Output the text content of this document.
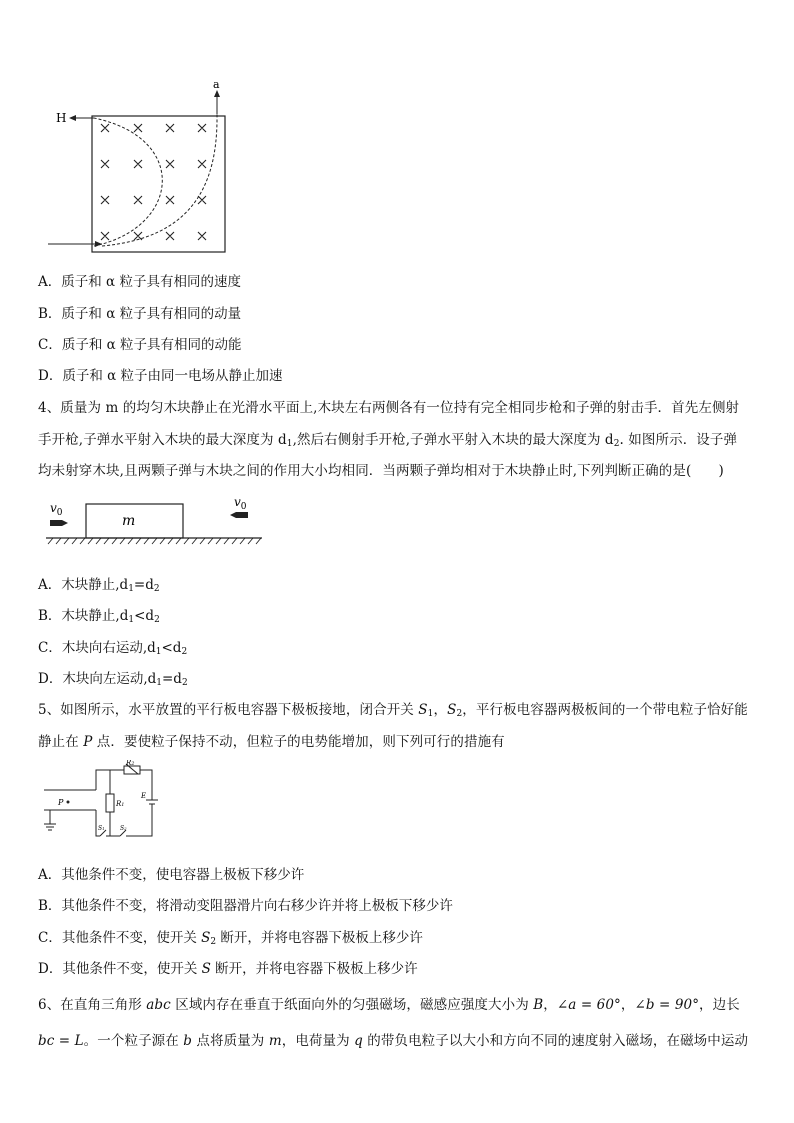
a
H
A．质子和 α 粒子具有相同的速度
B．质子和 α 粒子具有相同的动量
C．质子和 α 粒子具有相同的动能
D．质子和 α 粒子由同一电场从静止加速
4、质量为 m 的均匀木块静止在光滑水平面上,木块左右两侧各有一位持有完全相同步枪和子弹的射击手．首先左侧射
手开枪,子弹水平射入木块的最大深度为 $d_1$,然后右侧射手开枪,子弹水平射入木块的最大深度为 $d_2$. 如图所示．设子弹
均未射穿木块,且两颗子弹与木块之间的作用大小均相同．当两颗子弹均相对于木块静止时,下列判断正确的是(　　)
m
$v_0$
$v_0$
A．木块静止$,d_1=d_2$
B．木块静止$,d_1<d_2$
C．木块向右运动$,d_1<d_2$
D．木块向左运动$,d_1=d_2$
5、如图所示，水平放置的平行板电容器下极板接地，闭合开关 $S_1$，$S_2$，平行板电容器两极板间的一个带电粒子恰好能
静止在 P 点．要使粒子保持不动，但粒子的电势能增加，则下列可行的措施有
P
R2
R1
E
S1	S2
A．其他条件不变，使电容器上极板下移少许
B．其他条件不变，将滑动变阻器滑片向右移少许并将上极板下移少许
C．其他条件不变，使开关 $S_2$ 断开，并将电容器下极板上移少许
D．其他条件不变，使开关 S 断开，并将电容器下极板上移少许
6、在直角三角形 abc 区域内存在垂直于纸面向外的匀强磁场，磁感应强度大小为 B，∠a = 60°，∠b = 90°，边长
bc = L。一个粒子源在 b 点将质量为 m，电荷量为 q 的带负电粒子以大小和方向不同的速度射入磁场，在磁场中运动
